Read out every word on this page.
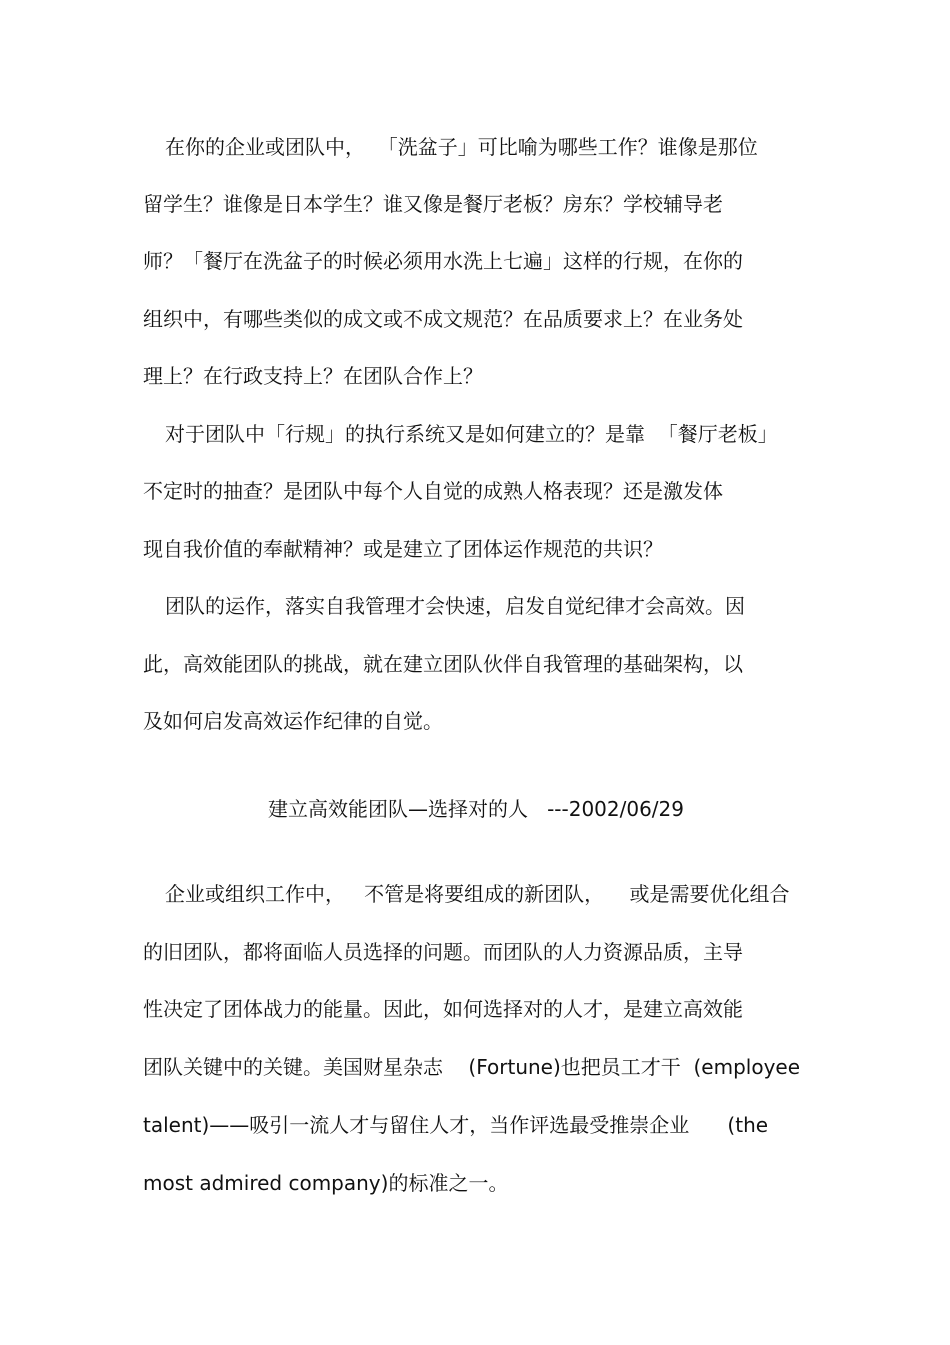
在你的企业或团队中，  「洗盆子」可比喻为哪些工作？谁像是那位
留学生？谁像是日本学生？谁又像是餐厅老板？房东？学校辅导老
师？「餐厅在洗盆子的时候必须用水洗上七遍」这样的行规，在你的
组织中，有哪些类似的成文或不成文规范？在品质要求上？在业务处
理上？在行政支持上？在团队合作上？
对于团队中「行规」的执行系统又是如何建立的？是靠  「餐厅老板」
不定时的抽查？是团队中每个人自觉的成熟人格表现？还是激发体
现自我价值的奉献精神？或是建立了团体运作规范的共识？
团队的运作，落实自我管理才会快速，启发自觉纪律才会高效。因
此，高效能团队的挑战，就在建立团队伙伴自我管理的基础架构，以
及如何启发高效运作纪律的自觉。
建立高效能团队—选择对的人   ---2002/06/29
企业或组织工作中，   不管是将要组成的新团队，    或是需要优化组合
的旧团队，都将面临人员选择的问题。而团队的人力资源品质，主导
性决定了团体战力的能量。因此，如何选择对的人才，是建立高效能
团队关键中的关键。美国财星杂志    (Fortune)也把员工才干  (employee
talent)——吸引一流人才与留住人才，当作评选最受推崇企业      (the
most admired company)的标准之一。
